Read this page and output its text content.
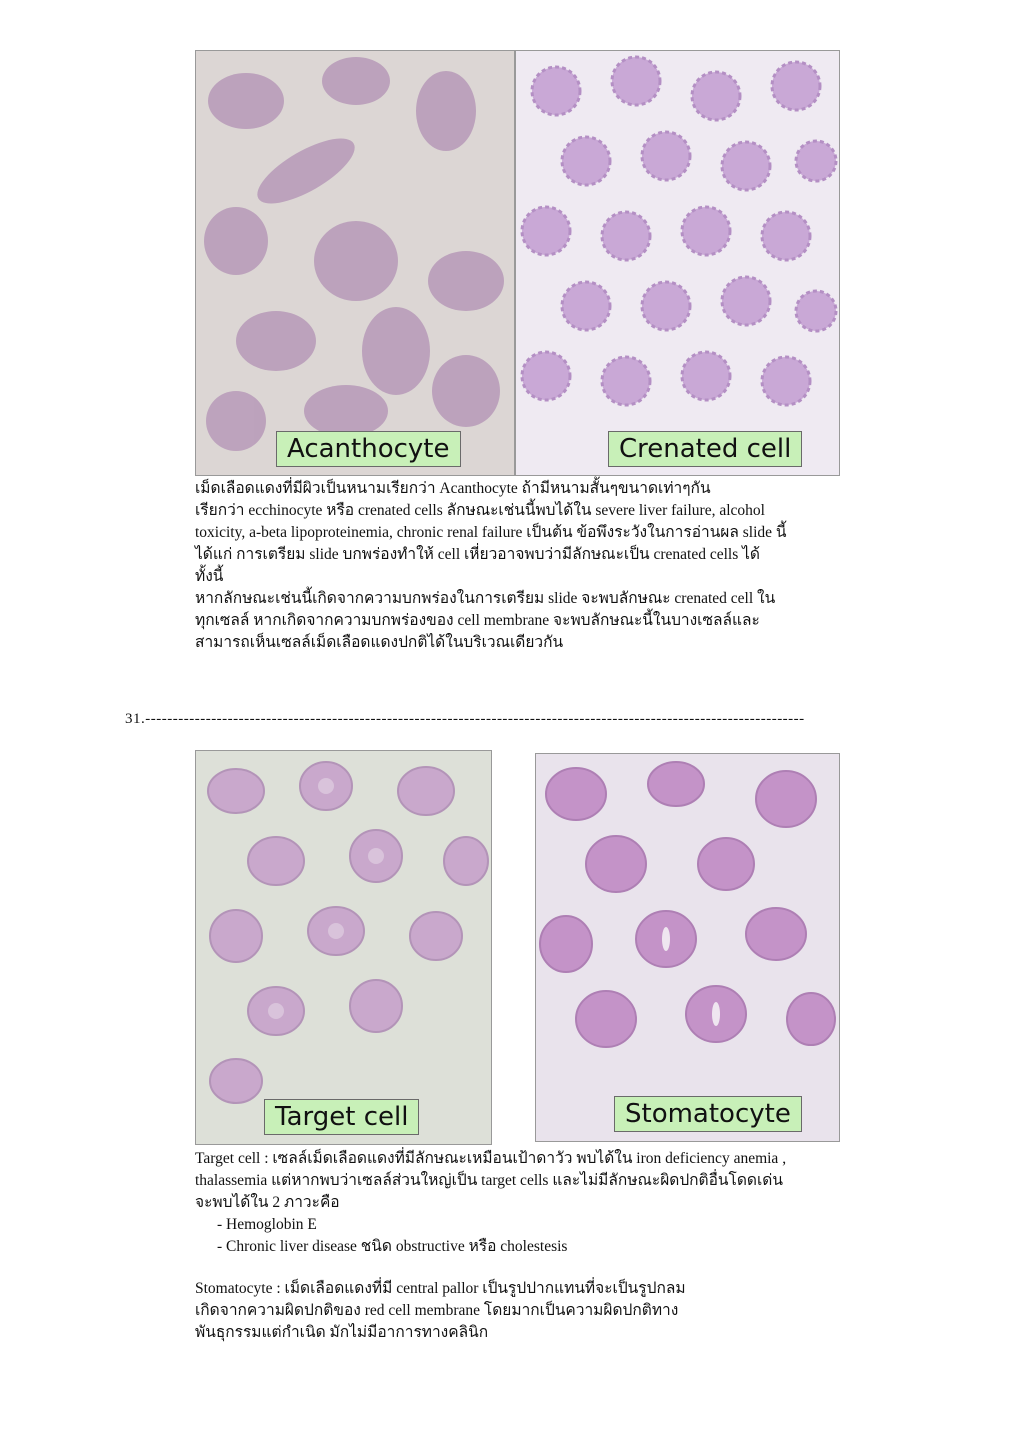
Acanthocyte	Crenated cell

เม็ดเลือดแดงที่มีผิวเป็นหนามเรียกว่า Acanthocyte ถ้ามีหนามสั้นๆขนาดเท่าๆกัน

เรียกว่า ecchinocyte หรือ crenated cells ลักษณะเช่นนี้พบได้ใน severe liver failure, alcohol

toxicity, a-beta lipoproteinemia, chronic renal failure เป็นต้น ข้อพึงระวังในการอ่านผล slide นี้

ได้แก่ การเตรียม slide บกพร่องทำให้ cell เหี่ยวอาจพบว่ามีลักษณะเป็น crenated cells ได้

ทั้งนี้

หากลักษณะเช่นนี้เกิดจากความบกพร่องในการเตรียม slide จะพบลักษณะ crenated cell ใน

ทุกเซลล์ หากเกิดจากความบกพร่องของ cell membrane จะพบลักษณะนี้ในบางเซลล์และ

สามารถเห็นเซลล์เม็ดเลือดแดงปกติได้ในบริเวณเดียวกัน

31.------------------------------------------------------------------------------------------------------------------------
Target cell	Stomatocyte

Target cell : เซลล์เม็ดเลือดแดงที่มีลักษณะเหมือนเป้าดาวัว พบได้ใน iron deficiency anemia ,

thalassemia แต่หากพบว่าเซลล์ส่วนใหญ่เป็น target cells และไม่มีลักษณะผิดปกติอื่นโดดเด่น

จะพบได้ใน 2 ภาวะคือ

- Hemoglobin E
- Chronic liver disease ชนิด obstructive หรือ cholestesis

Stomatocyte : เม็ดเลือดแดงที่มี central pallor เป็นรูปปากแทนที่จะเป็นรูปกลม

เกิดจากความผิดปกติของ red cell membrane โดยมากเป็นความผิดปกติทาง

พันธุกรรมแต่กำเนิด มักไม่มีอาการทางคลินิก
